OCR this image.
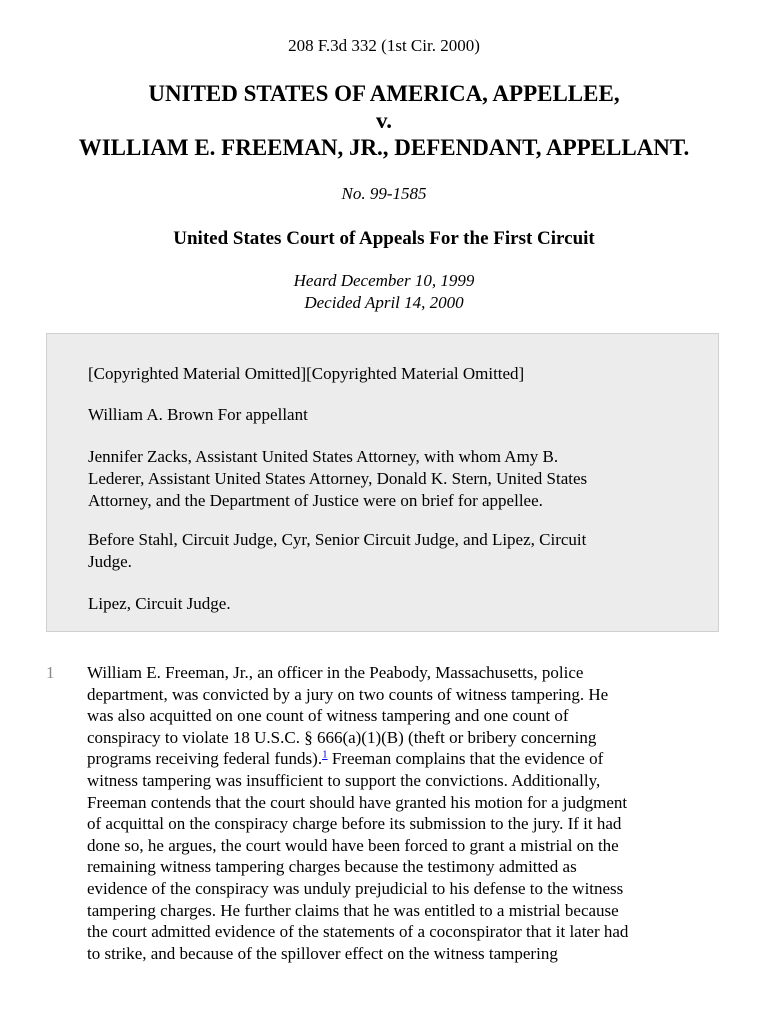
208 F.3d 332 (1st Cir. 2000)
UNITED STATES OF AMERICA, APPELLEE,
v.
WILLIAM E. FREEMAN, JR., DEFENDANT, APPELLANT.
No. 99-1585
United States Court of Appeals For the First Circuit
Heard December 10, 1999
Decided April 14, 2000
[Copyrighted Material Omitted][Copyrighted Material Omitted]
William A. Brown For appellant
Jennifer Zacks, Assistant United States Attorney, with whom Amy B.
Lederer, Assistant United States Attorney, Donald K. Stern, United States
Attorney, and the Department of Justice were on brief for appellee.
Before Stahl, Circuit Judge, Cyr, Senior Circuit Judge, and Lipez, Circuit
Judge.
Lipez, Circuit Judge.
1 William E. Freeman, Jr., an officer in the Peabody, Massachusetts, police
department, was convicted by a jury on two counts of witness tampering. He
was also acquitted on one count of witness tampering and one count of
conspiracy to violate 18 U.S.C. § 666(a)(1)(B) (theft or bribery concerning
programs receiving federal funds).$^1$ Freeman complains that the evidence of
witness tampering was insufficient to support the convictions. Additionally,
Freeman contends that the court should have granted his motion for a judgment
of acquittal on the conspiracy charge before its submission to the jury. If it had
done so, he argues, the court would have been forced to grant a mistrial on the
remaining witness tampering charges because the testimony admitted as
evidence of the conspiracy was unduly prejudicial to his defense to the witness
tampering charges. He further claims that he was entitled to a mistrial because
the court admitted evidence of the statements of a coconspirator that it later had
to strike, and because of the spillover effect on the witness tampering
